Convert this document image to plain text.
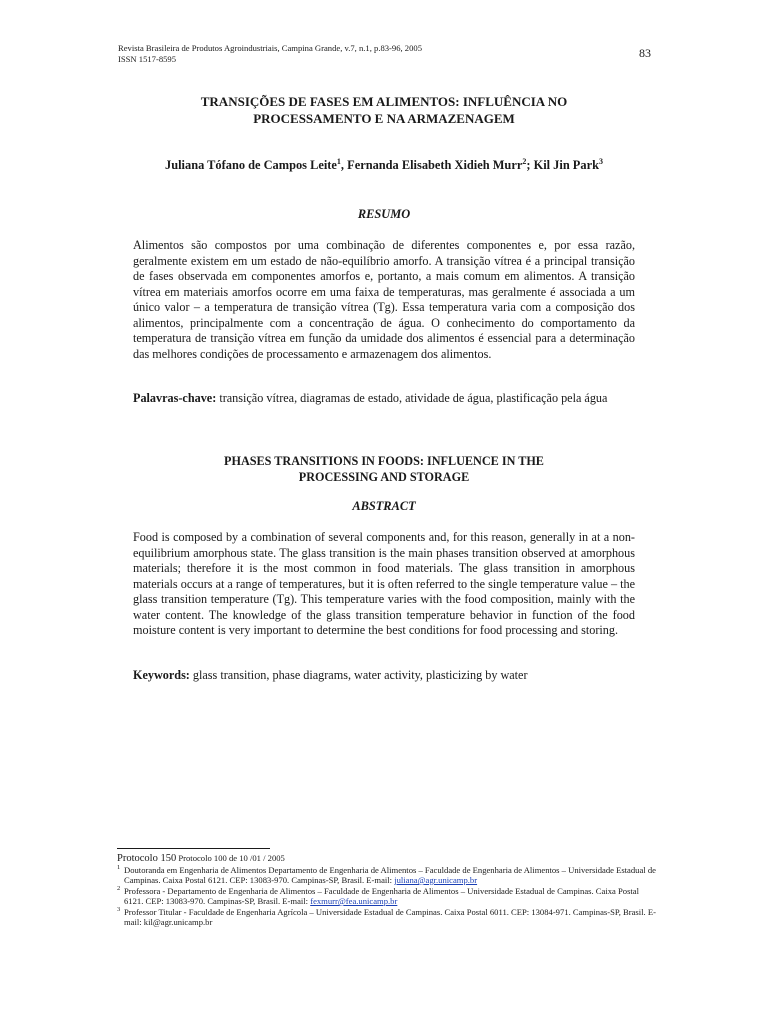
Revista Brasileira de Produtos Agroindustriais, Campina Grande, v.7, n.1, p.83-96, 2005
ISSN 1517-8595	83
TRANSIÇÕES DE FASES EM ALIMENTOS: INFLUÊNCIA NO
PROCESSAMENTO E NA ARMAZENAGEM
Juliana Tófano de Campos Leite$^1$, Fernanda Elisabeth Xidieh Murr$^2$; Kil Jin Park$^3$
RESUMO
Alimentos são compostos por uma combinação de diferentes componentes e, por essa razão, geralmente existem em um estado de não-equilíbrio amorfo. A transição vítrea é a principal transição de fases observada em componentes amorfos e, portanto, a mais comum em alimentos. A transição vítrea em materiais amorfos ocorre em uma faixa de temperaturas, mas geralmente é associada a um único valor – a temperatura de transição vítrea (Tg). Essa temperatura varia com a composição dos alimentos, principalmente com a concentração de água. O conhecimento do comportamento da temperatura de transição vítrea em função da umidade dos alimentos é essencial para a determinação das melhores condições de processamento e armazenagem dos alimentos.
Palavras-chave: transição vítrea, diagramas de estado, atividade de água, plastificação pela água
PHASES TRANSITIONS IN FOODS: INFLUENCE IN THE
PROCESSING AND STORAGE
ABSTRACT
Food is composed by a combination of several components and, for this reason, generally in at a non-equilibrium amorphous state. The glass transition is the main phases transition observed at amorphous materials; therefore it is the most common in food materials. The glass transition in amorphous materials occurs at a range of temperatures, but it is often referred to the single temperature value – the glass transition temperature (Tg). This temperature varies with the food composition, mainly with the water content. The knowledge of the glass transition temperature behavior in function of the food moisture content is very important to determine the best conditions for food processing and storing.
Keywords: glass transition, phase diagrams, water activity, plasticizing by water
Protocolo 150 Protocolo 100 de 10 /01 / 2005
1 Doutoranda em Engenharia de Alimentos Departamento de Engenharia de Alimentos – Faculdade de Engenharia de Alimentos – Universidade Estadual de Campinas. Caixa Postal 6121. CEP: 13083-970. Campinas-SP, Brasil. E-mail: juliana@agr.unicamp.br
2 Professora - Departamento de Engenharia de Alimentos – Faculdade de Engenharia de Alimentos – Universidade Estadual de Campinas. Caixa Postal 6121. CEP: 13083-970. Campinas-SP, Brasil. E-mail: fexmurr@fea.unicamp.br
3 Professor Titular - Faculdade de Engenharia Agrícola – Universidade Estadual de Campinas. Caixa Postal 6011. CEP: 13084-971. Campinas-SP, Brasil. E-mail: kil@agr.unicamp.br
